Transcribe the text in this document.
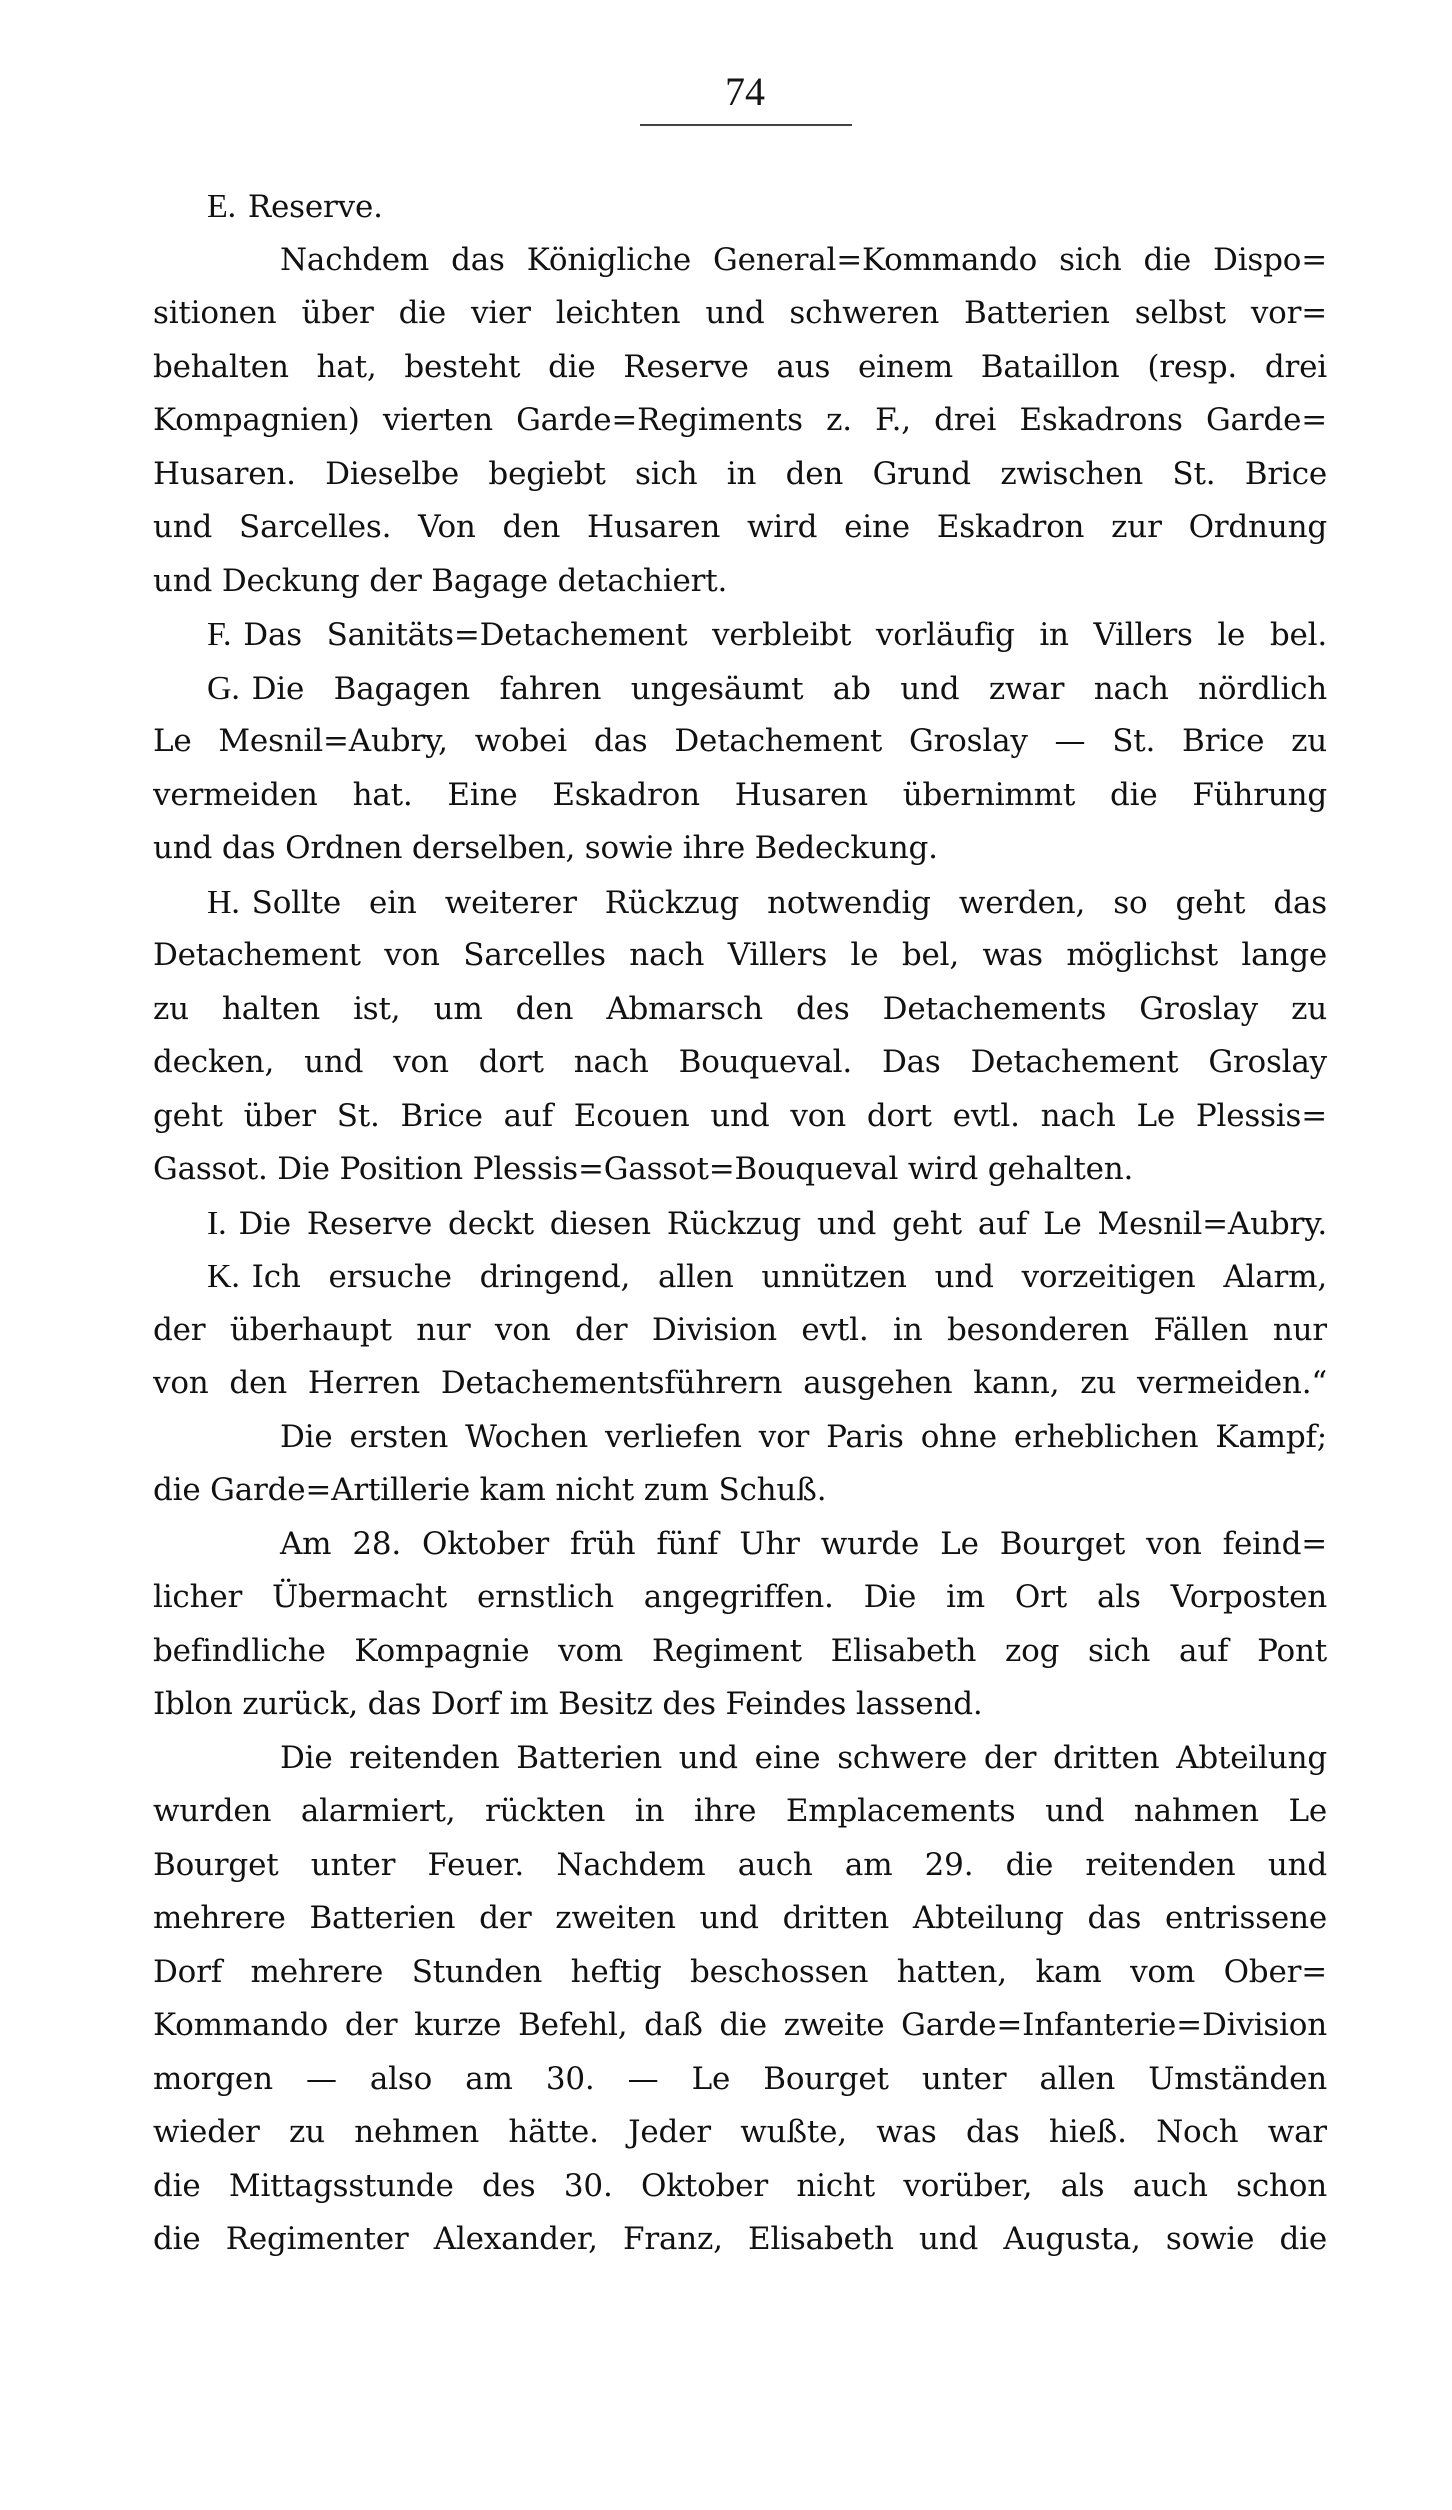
74
E. Reserve.
Nachdem das Königliche General=Kommando sich die Dispo=
sitionen über die vier leichten und schweren Batterien selbst vor=
behalten hat, besteht die Reserve aus einem Bataillon (resp. drei
Kompagnien) vierten Garde=Regiments z. F., drei Eskadrons Garde=
Husaren. Dieselbe begiebt sich in den Grund zwischen St. Brice
und Sarcelles. Von den Husaren wird eine Eskadron zur Ordnung
und Deckung der Bagage detachiert.
F. Das Sanitäts=Detachement verbleibt vorläufig in Villers le bel.
G. Die Bagagen fahren ungesäumt ab und zwar nach nördlich
Le Mesnil=Aubry, wobei das Detachement Groslay — St. Brice zu
vermeiden hat. Eine Eskadron Husaren übernimmt die Führung
und das Ordnen derselben, sowie ihre Bedeckung.
H. Sollte ein weiterer Rückzug notwendig werden, so geht das
Detachement von Sarcelles nach Villers le bel, was möglichst lange
zu halten ist, um den Abmarsch des Detachements Groslay zu
decken, und von dort nach Bouqueval. Das Detachement Groslay
geht über St. Brice auf Ecouen und von dort evtl. nach Le Plessis=
Gassot. Die Position Plessis=Gassot=Bouqueval wird gehalten.
I. Die Reserve deckt diesen Rückzug und geht auf Le Mesnil=Aubry.
K. Ich ersuche dringend, allen unnützen und vorzeitigen Alarm,
der überhaupt nur von der Division evtl. in besonderen Fällen nur
von den Herren Detachementsführern ausgehen kann, zu vermeiden.“
Die ersten Wochen verliefen vor Paris ohne erheblichen Kampf;
die Garde=Artillerie kam nicht zum Schuß.
Am 28. Oktober früh fünf Uhr wurde Le Bourget von feind=
licher Übermacht ernstlich angegriffen. Die im Ort als Vorposten
befindliche Kompagnie vom Regiment Elisabeth zog sich auf Pont
Iblon zurück, das Dorf im Besitz des Feindes lassend.
Die reitenden Batterien und eine schwere der dritten Abteilung
wurden alarmiert, rückten in ihre Emplacements und nahmen Le
Bourget unter Feuer. Nachdem auch am 29. die reitenden und
mehrere Batterien der zweiten und dritten Abteilung das entrissene
Dorf mehrere Stunden heftig beschossen hatten, kam vom Ober=
Kommando der kurze Befehl, daß die zweite Garde=Infanterie=Division
morgen — also am 30. — Le Bourget unter allen Umständen
wieder zu nehmen hätte. Jeder wußte, was das hieß. Noch war
die Mittagsstunde des 30. Oktober nicht vorüber, als auch schon
die Regimenter Alexander, Franz, Elisabeth und Augusta, sowie die
